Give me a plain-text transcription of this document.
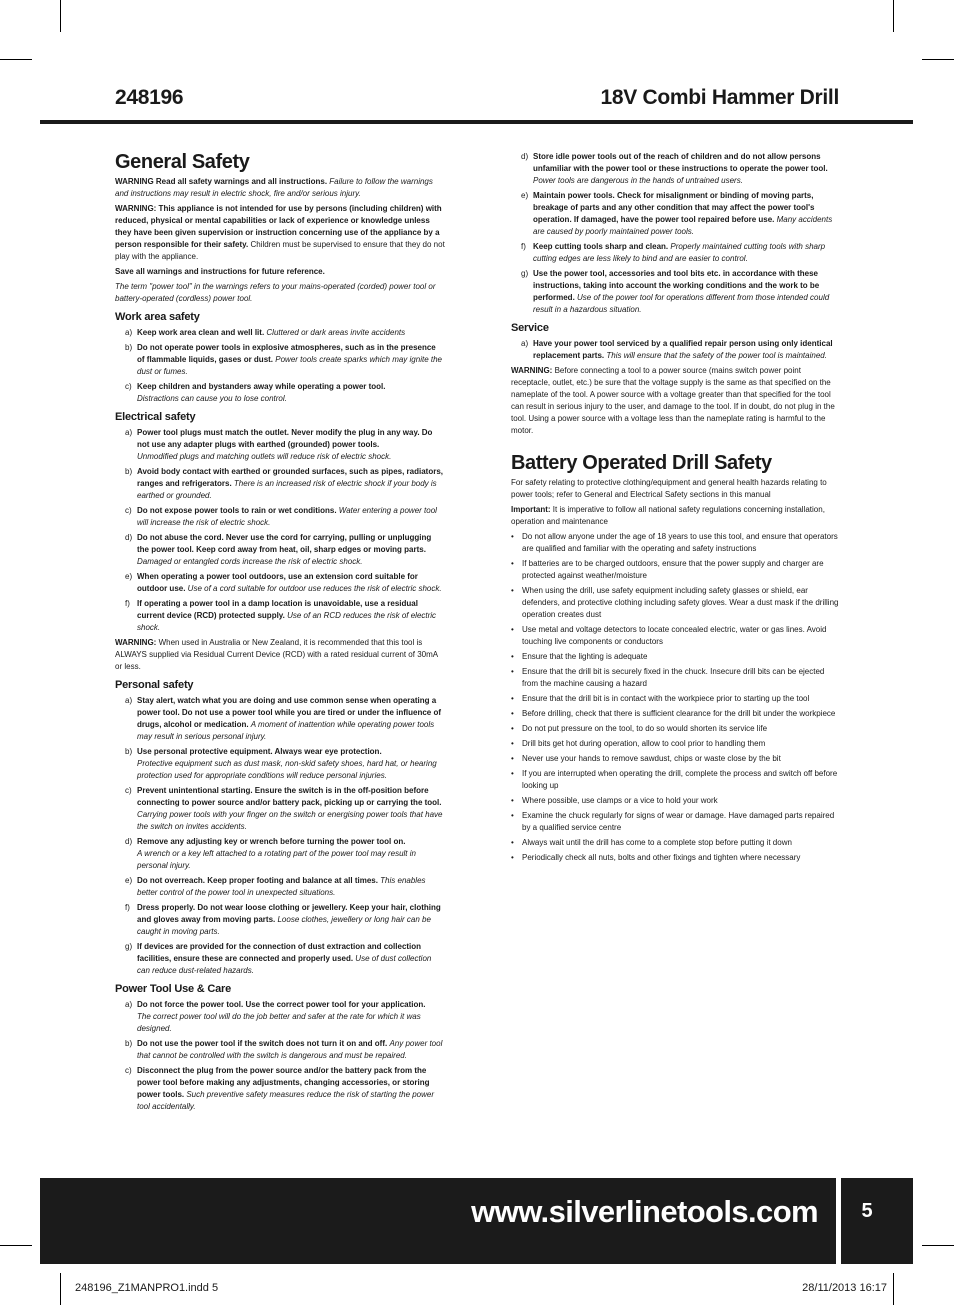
248196	18V Combi Hammer Drill
General Safety
WARNING Read all safety warnings and all instructions. Failure to follow the warnings and instructions may result in electric shock, fire and/or serious injury.
WARNING: This appliance is not intended for use by persons (including children) with reduced, physical or mental capabilities or lack of experience or knowledge unless they have been given supervision or instruction concerning use of the appliance by a person responsible for their safety. Children must be supervised to ensure that they do not play with the appliance.
Save all warnings and instructions for future reference.
The term "power tool" in the warnings refers to your mains-operated (corded) power tool or battery-operated (cordless) power tool.
Work area safety
a) Keep work area clean and well lit. Cluttered or dark areas invite accidents
b) Do not operate power tools in explosive atmospheres, such as in the presence of flammable liquids, gases or dust. Power tools create sparks which may ignite the dust or fumes.
c) Keep children and bystanders away while operating a power tool.
Distractions can cause you to lose control.
Electrical safety
a) Power tool plugs must match the outlet. Never modify the plug in any way. Do not use any adapter plugs with earthed (grounded) power tools.
Unmodified plugs and matching outlets will reduce risk of electric shock.
b) Avoid body contact with earthed or grounded surfaces, such as pipes, radiators, ranges and refrigerators. There is an increased risk of electric shock if your body is earthed or grounded.
c) Do not expose power tools to rain or wet conditions. Water entering a power tool will increase the risk of electric shock.
d) Do not abuse the cord. Never use the cord for carrying, pulling or unplugging the power tool. Keep cord away from heat, oil, sharp edges or moving parts.
Damaged or entangled cords increase the risk of electric shock.
e) When operating a power tool outdoors, use an extension cord suitable for outdoor use. Use of a cord suitable for outdoor use reduces the risk of electric shock.
f) If operating a power tool in a damp location is unavoidable, use a residual current device (RCD) protected supply. Use of an RCD reduces the risk of electric shock.
WARNING: When used in Australia or New Zealand, it is recommended that this tool is ALWAYS supplied via Residual Current Device (RCD) with a rated residual current of 30mA or less.
Personal safety
a) Stay alert, watch what you are doing and use common sense when operating a power tool. Do not use a power tool while you are tired or under the influence of drugs, alcohol or medication. A moment of inattention while operating power tools may result in serious personal injury.
b) Use personal protective equipment. Always wear eye protection.
Protective equipment such as dust mask, non-skid safety shoes, hard hat, or hearing protection used for appropriate conditions will reduce personal injuries.
c) Prevent unintentional starting. Ensure the switch is in the off-position before connecting to power source and/or battery pack, picking up or carrying the tool. Carrying power tools with your finger on the switch or energising power tools that have the switch on invites accidents.
d) Remove any adjusting key or wrench before turning the power tool on.
A wrench or a key left attached to a rotating part of the power tool may result in personal injury.
e) Do not overreach. Keep proper footing and balance at all times. This enables better control of the power tool in unexpected situations.
f) Dress properly. Do not wear loose clothing or jewellery. Keep your hair, clothing and gloves away from moving parts. Loose clothes, jewellery or long hair can be caught in moving parts.
g) If devices are provided for the connection of dust extraction and collection facilities, ensure these are connected and properly used. Use of dust collection can reduce dust-related hazards.
Power Tool Use & Care
a) Do not force the power tool. Use the correct power tool for your application.
The correct power tool will do the job better and safer at the rate for which it was designed.
b) Do not use the power tool if the switch does not turn it on and off. Any power tool that cannot be controlled with the switch is dangerous and must be repaired.
c) Disconnect the plug from the power source and/or the battery pack from the power tool before making any adjustments, changing accessories, or storing power tools. Such preventive safety measures reduce the risk of starting the power tool accidentally.
d) Store idle power tools out of the reach of children and do not allow persons unfamiliar with the power tool or these instructions to operate the power tool.
Power tools are dangerous in the hands of untrained users.
e) Maintain power tools. Check for misalignment or binding of moving parts, breakage of parts and any other condition that may affect the power tool's operation. If damaged, have the power tool repaired before use. Many accidents are caused by poorly maintained power tools.
f) Keep cutting tools sharp and clean. Properly maintained cutting tools with sharp cutting edges are less likely to bind and are easier to control.
g) Use the power tool, accessories and tool bits etc. in accordance with these instructions, taking into account the working conditions and the work to be performed. Use of the power tool for operations different from those intended could result in a hazardous situation.
Service
a) Have your power tool serviced by a qualified repair person using only identical replacement parts. This will ensure that the safety of the power tool is maintained.
WARNING: Before connecting a tool to a power source (mains switch power point receptacle, outlet, etc.) be sure that the voltage supply is the same as that specified on the nameplate of the tool. A power source with a voltage greater than that specified for the tool can result in serious injury to the user, and damage to the tool. If in doubt, do not plug in the tool. Using a power source with a voltage less than the nameplate rating is harmful to the motor.
Battery Operated Drill Safety
For safety relating to protective clothing/equipment and general health hazards relating to power tools; refer to General and Electrical Safety sections in this manual
Important: It is imperative to follow all national safety regulations concerning installation, operation and maintenance
• Do not allow anyone under the age of 18 years to use this tool, and ensure that operators are qualified and familiar with the operating and safety instructions
• If batteries are to be charged outdoors, ensure that the power supply and charger are protected against weather/moisture
• When using the drill, use safety equipment including safety glasses or shield, ear defenders, and protective clothing including safety gloves. Wear a dust mask if the drilling operation creates dust
• Use metal and voltage detectors to locate concealed electric, water or gas lines. Avoid touching live components or conductors
• Ensure that the lighting is adequate
• Ensure that the drill bit is securely fixed in the chuck. Insecure drill bits can be ejected from the machine causing a hazard
• Ensure that the drill bit is in contact with the workpiece prior to starting up the tool
• Before drilling, check that there is sufficient clearance for the drill bit under the workpiece
• Do not put pressure on the tool, to do so would shorten its service life
• Drill bits get hot during operation, allow to cool prior to handling them
• Never use your hands to remove sawdust, chips or waste close by the bit
• If you are interrupted when operating the drill, complete the process and switch off before looking up
• Where possible, use clamps or a vice to hold your work
• Examine the chuck regularly for signs of wear or damage. Have damaged parts repaired by a qualified service centre
• Always wait until the drill has come to a complete stop before putting it down
• Periodically check all nuts, bolts and other fixings and tighten where necessary
www.silverlinetools.com	5
248196_Z1MANPRO1.indd 5	28/11/2013 16:17
